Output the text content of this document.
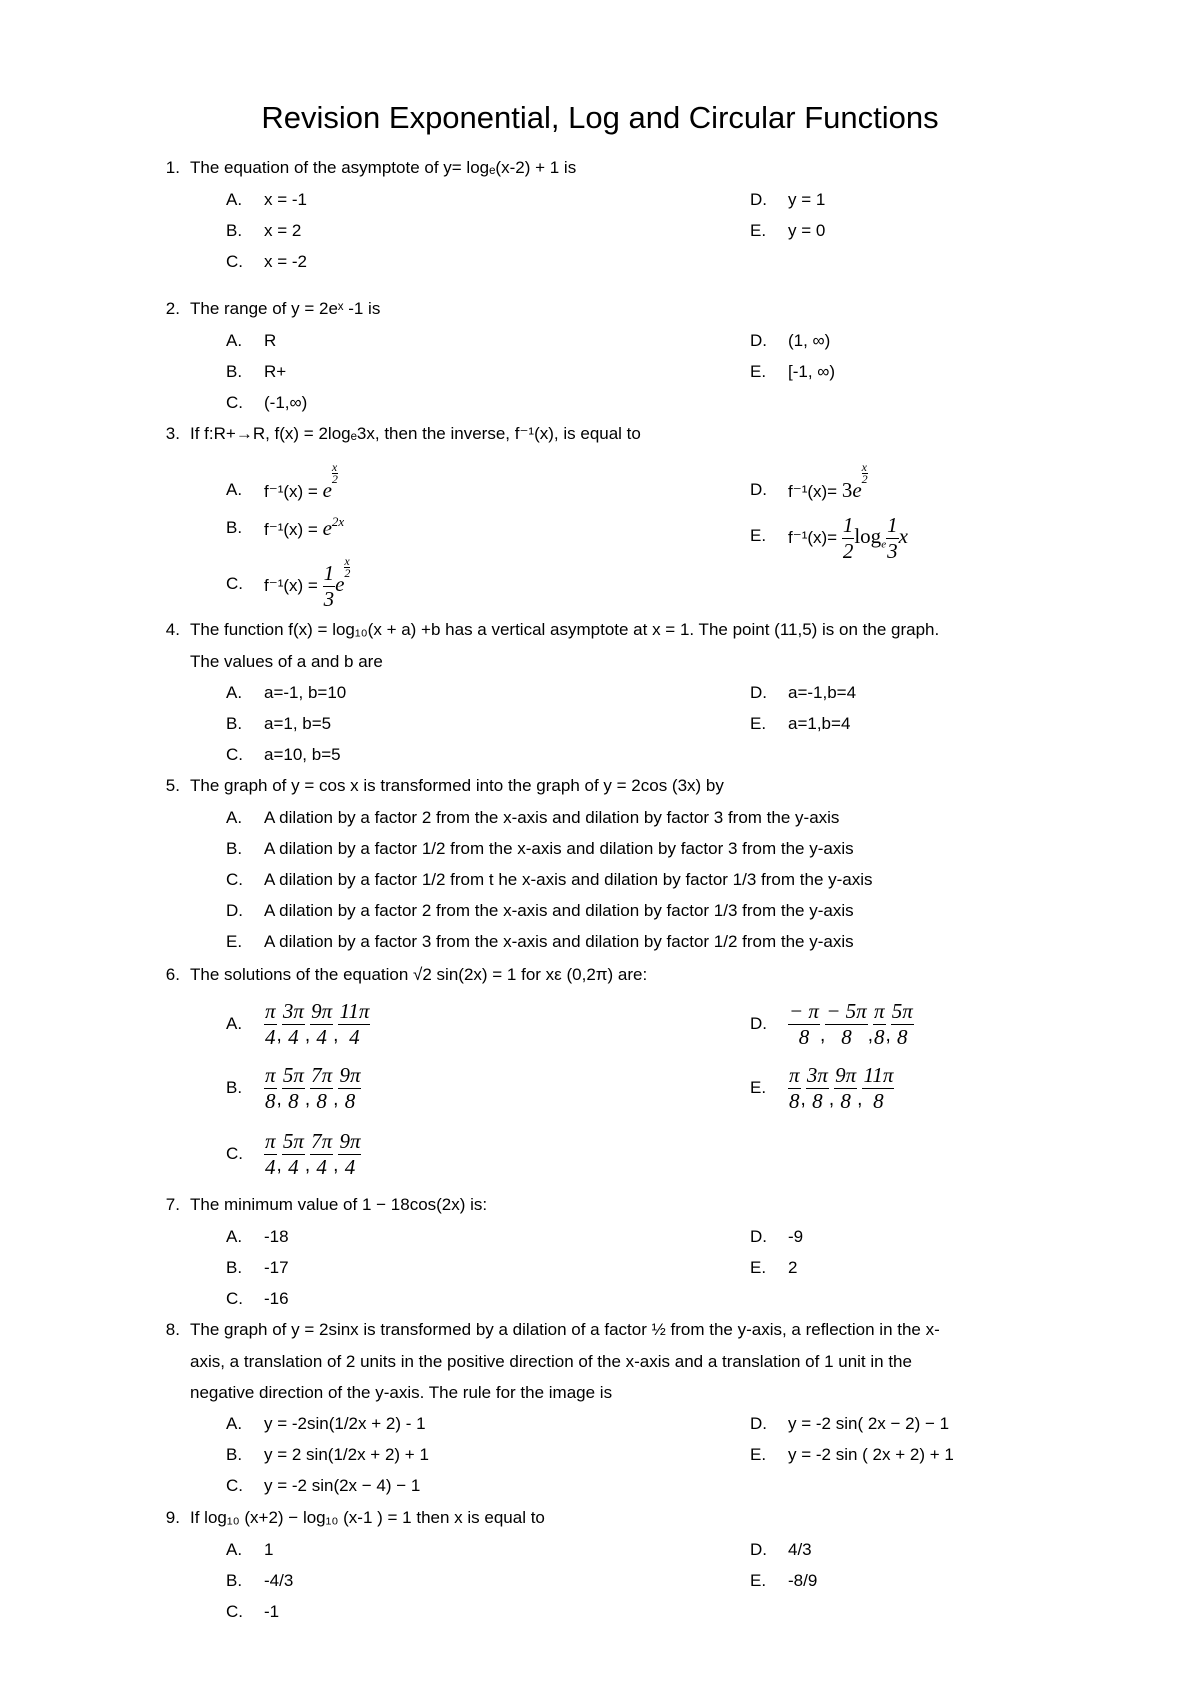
Revision Exponential, Log and Circular Functions
1 . The equation of the asymptote of y= logₑ(x-2) + 1 is
A .	x = -1
B .	x = 2
C .	x = -2
D .	y = 1
E .	y = 0
2 . The range of y = 2eˣ -1 is
A .	R
B .	R+
C .	(-1,∞)
D .	(1, ∞)
E .	[-1, ∞)
3 . If f:R+→R, f(x) = 2logₑ3x, then the inverse, f⁻¹(x), is equal to
A .	f⁻¹(x) = e
$\frac{x}{2}$
B .	$f^{-1}(x) = e^{2x}$
C .	$f^{-1}(x) = \frac{1}{3}$ e
$\frac{x}{2}$
D .	f⁻¹(x)= 3e
$\frac{x}{2}$
E .	$f^{-1}(x)= \frac{1}{2} \log_e \frac{1}{3}$ x
4 . The function f(x) = log₁₀(x + a) +b has a vertical asymptote at x = 1. The point (11,5) is on the graph.
The values of a and b are
A .	a=-1, b=10
B .	a=1, b=5
C .	a=10, b=5
D .	a=-1,b=4
E .	a=1,b=4
5 . The graph of y = cos x is transformed into the graph of y = 2cos (3x) by
A .	A dilation by a factor 2 from the x-axis and dilation by factor 3 from the y-axis
B .	A dilation by a factor 1/2 from the x-axis and dilation by factor 3 from the y-axis
C .	A dilation by a factor 1/2 from t he x-axis and dilation by factor 1/3 from the y-axis
D .	A dilation by a factor 2 from the x-axis and dilation by factor 1/3 from the y-axis
E .	A dilation by a factor 3 from the x-axis and dilation by factor 1/2 from the y-axis
6 . The solutions of the equation √2 sin(2x) = 1 for xε (0,2π) are:
A .	$\frac{\pi}{4}$ , $\frac{3\pi}{4}$ , $\frac{9\pi}{4}$ , $\frac{11\pi}{4}$
B .	$\frac{\pi}{8}$ , $\frac{5\pi}{8}$ , $\frac{7\pi}{8}$ , $\frac{9\pi}{8}$
C .	$\frac{\pi}{4}$ , $\frac{5\pi}{4}$ , $\frac{7\pi}{4}$ , $\frac{9\pi}{4}$
D .	$\frac{- \pi}{8}$ , $\frac{- 5\pi}{8}$ , $\frac{\pi}{8}$ , $\frac{5\pi}{8}$
E .	$\frac{\pi}{8}$ , $\frac{3\pi}{8}$ , $\frac{9\pi}{8}$ , $\frac{11\pi}{8}$
7 . The minimum value of 1 − 18cos(2x) is:
A .	-18
B .	-17
C .	-16
D .	-9
E .	2
8 . The graph of y = 2sinx is transformed by a dilation of a factor ½ from the y-axis, a reflection in the x-
axis, a translation of 2 units in the positive direction of the x-axis and a translation of 1 unit in the
negative direction of the y-axis. The rule for the image is
A .	y = -2sin(1/2x + 2) - 1
B .	y = 2 sin(1/2x + 2) + 1
C .	y = -2 sin(2x − 4) − 1
D .	y = -2 sin( 2x − 2) − 1
E .	y = -2 sin ( 2x + 2) + 1
9 . If log₁₀ (x+2) − log₁₀ (x-1 ) = 1 then x is equal to
A .	1
B .	-4/3
C .	-1
D .	4/3
E .	-8/9
